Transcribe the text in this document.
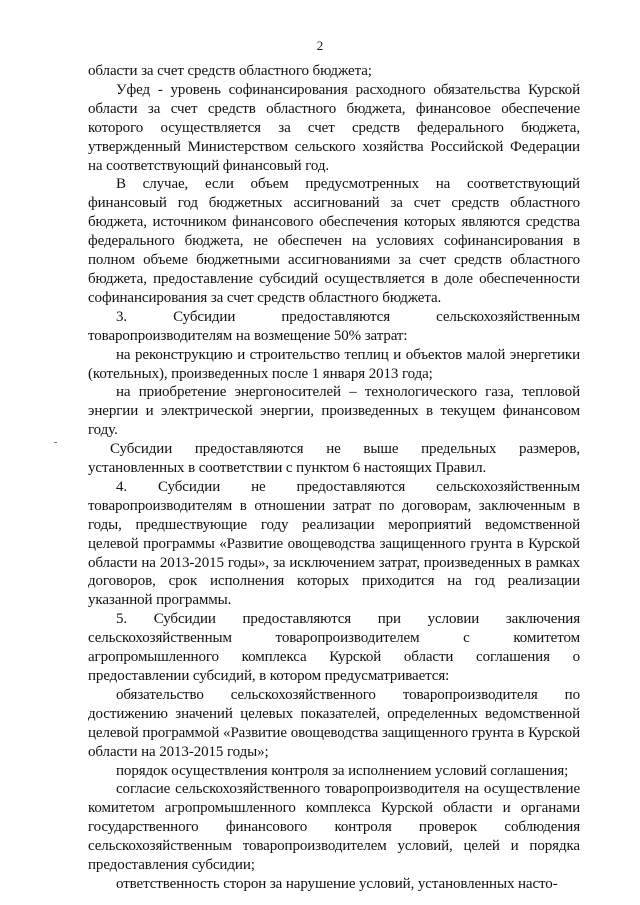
2

области за счет средств областного бюджета;

Уфед - уровень софинансирования расходного обязательства Курской области за счет средств областного бюджета, финансовое обеспечение которого осуществляется за счет средств федерального бюджета, утвержденный Министерством сельского хозяйства Российской Федерации на соответствующий финансовый год.

В случае, если объем предусмотренных на соответствующий финансовый год бюджетных ассигнований за счет средств областного бюджета, источником финансового обеспечения которых являются средства федерального бюджета, не обеспечен на условиях софинансирования в полном объеме бюджетными ассигнованиями за счет средств областного бюджета, предоставление субсидий осуществляется в доле обеспеченности софинансирования за счет средств областного бюджета.

3. Субсидии предоставляются сельскохозяйственным товаропроизводителям на возмещение 50% затрат:

на реконструкцию и строительство теплиц и объектов малой энергетики (котельных), произведенных после 1 января 2013 года;

на приобретение энергоносителей – технологического газа, тепловой энергии и электрической энергии, произведенных в текущем финансовом году.

Субсидии предоставляются не выше предельных размеров, установленных в соответствии с пунктом 6 настоящих Правил.

4. Субсидии не предоставляются сельскохозяйственным товаропроизводителям в отношении затрат по договорам, заключенным в годы, предшествующие году реализации мероприятий ведомственной целевой программы «Развитие овощеводства защищенного грунта в Курской области на 2013-2015 годы», за исключением затрат, произведенных в рамках договоров, срок исполнения которых приходится на год реализации указанной программы.

5. Субсидии предоставляются при условии заключения сельскохозяйственным товаропроизводителем с комитетом агропромышленного комплекса Курской области соглашения о предоставлении субсидий, в котором предусматривается:

обязательство сельскохозяйственного товаропроизводителя по достижению значений целевых показателей, определенных ведомственной целевой программой «Развитие овощеводства защищенного грунта в Курской области на 2013-2015 годы»;

порядок осуществления контроля за исполнением условий соглашения;

согласие сельскохозяйственного товаропроизводителя на осуществление комитетом агропромышленного комплекса Курской области и органами государственного финансового контроля проверок соблюдения сельскохозяйственным товаропроизводителем условий, целей и порядка предоставления субсидии;

ответственность сторон за нарушение условий, установленных насто-
